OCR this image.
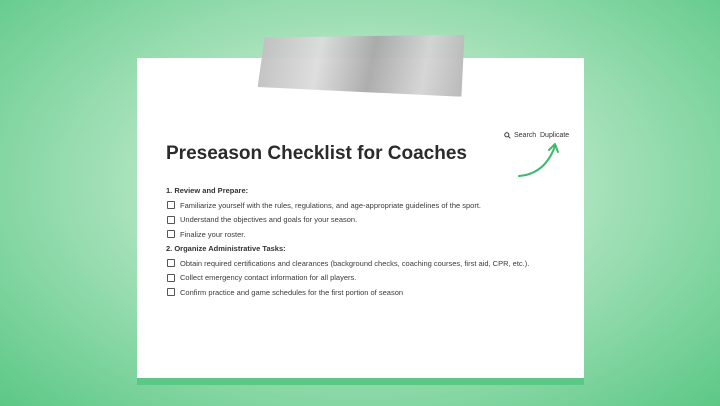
Search Duplicate
Preseason Checklist for Coaches
1. Review and Prepare:
Familiarize yourself with the rules, regulations, and age-appropriate guidelines of the sport.
Understand the objectives and goals for your season.
Finalize your roster.
2. Organize Administrative Tasks:
Obtain required certifications and clearances (background checks, coaching courses, first aid, CPR, etc.).
Collect emergency contact information for all players.
Confirm practice and game schedules for the first portion of season
